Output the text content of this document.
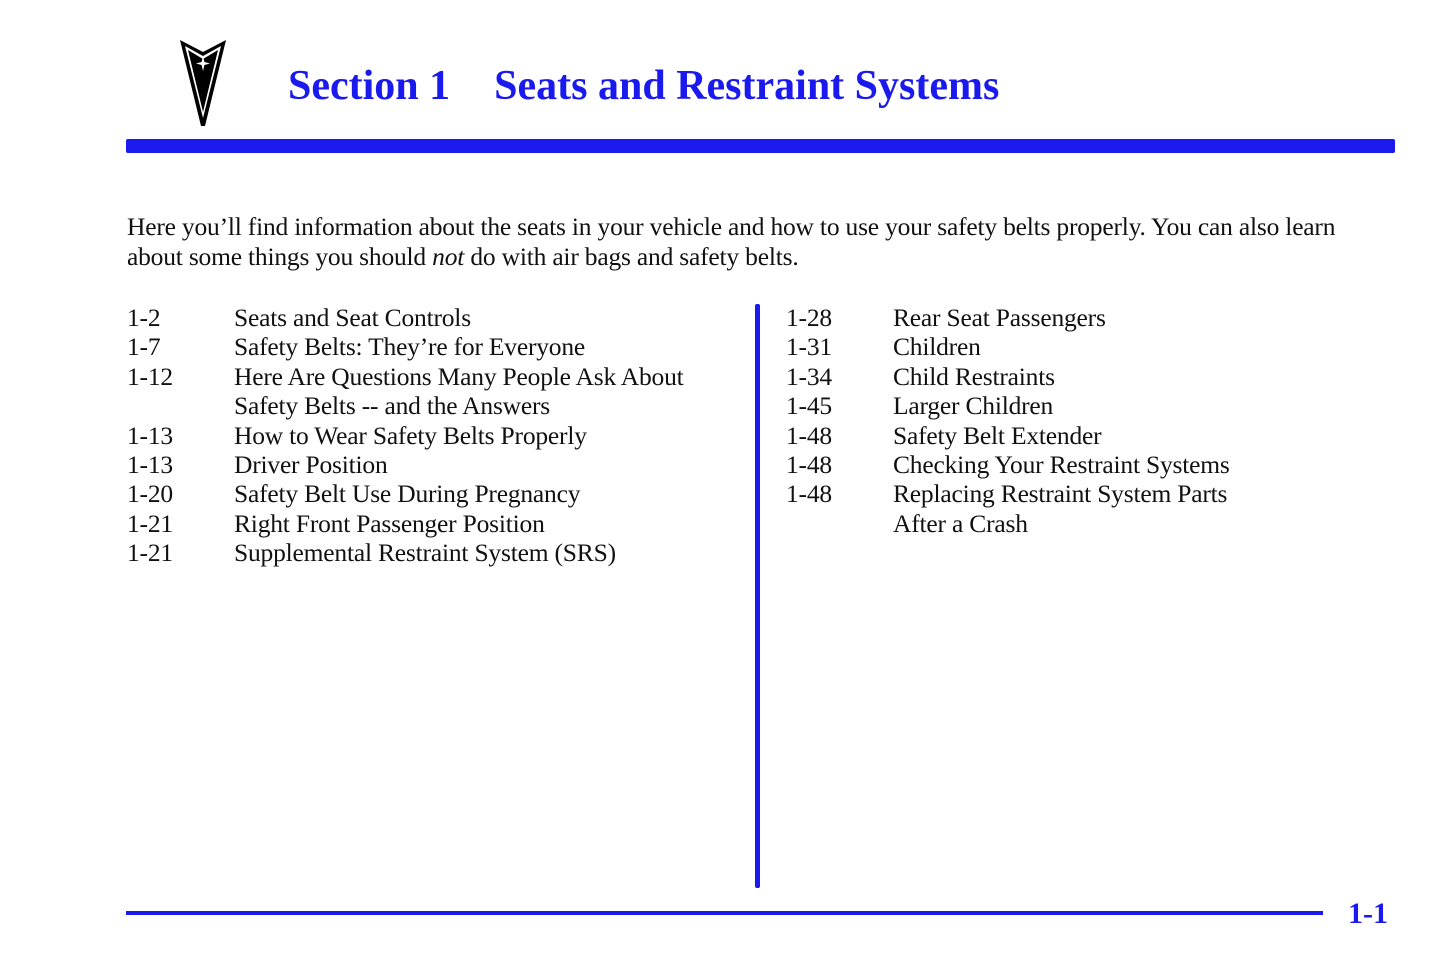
Section 1 Seats and Restraint Systems

Here you’ll find information about the seats in your vehicle and how to use your safety belts properly. You can also learn about some things you should not do with air bags and safety belts.

1-2	Seats and Seat Controls
1-7	Safety Belts: They’re for Everyone
1-12	Here Are Questions Many People Ask About
Safety Belts -- and the Answers
1-13	How to Wear Safety Belts Properly
1-13	Driver Position
1-20	Safety Belt Use During Pregnancy
1-21	Right Front Passenger Position
1-21	Supplemental Restraint System (SRS)
1-28	Rear Seat Passengers
1-31	Children
1-34	Child Restraints
1-45	Larger Children
1-48	Safety Belt Extender
1-48	Checking Your Restraint Systems
1-48	Replacing Restraint System Parts
After a Crash
1-1
